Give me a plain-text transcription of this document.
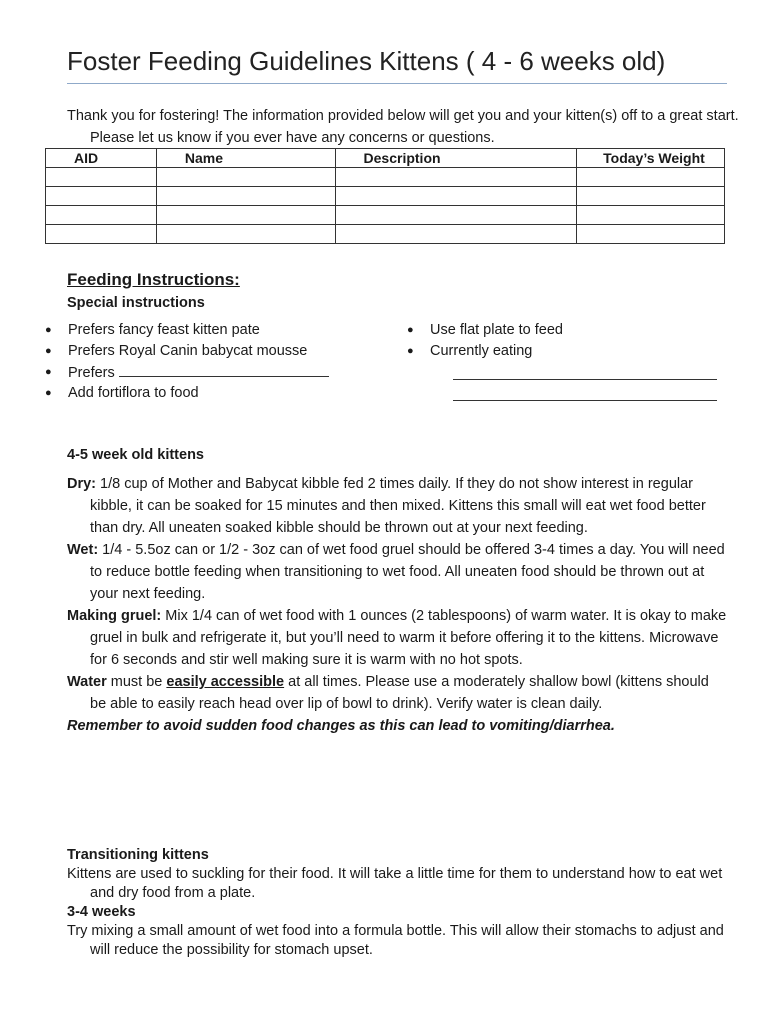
Foster Feeding Guidelines Kittens ( 4 - 6 weeks old)
Thank you for fostering! The information provided below will get you and your kitten(s) off to a great start. Please let us know if you ever have any concerns or questions.
AID	Name	Description	Today’s Weight

Feeding Instructions:
Special instructions
● Prefers fancy feast kitten pate
● Prefers Royal Canin babycat mousse
● Prefers
● Add fortiflora to food
● Use flat plate to feed
● Currently eating
4-5 week old kittens
Dry: 1/8 cup of Mother and Babycat kibble fed 2 times daily. If they do not show interest in regular kibble, it can be soaked for 15 minutes and then mixed. Kittens this small will eat wet food better than dry. All uneaten soaked kibble should be thrown out at your next feeding.
Wet: 1/4 - 5.5oz can or 1/2 - 3oz can of wet food gruel should be offered 3-4 times a day. You will need to reduce bottle feeding when transitioning to wet food. All uneaten food should be thrown out at your next feeding.
Making gruel: Mix 1/4 can of wet food with 1 ounces (2 tablespoons) of warm water. It is okay to make gruel in bulk and refrigerate it, but you’ll need to warm it before offering it to the kittens. Microwave for 6 seconds and stir well making sure it is warm with no hot spots.
Water must be easily accessible at all times. Please use a moderately shallow bowl (kittens should be able to easily reach head over lip of bowl to drink). Verify water is clean daily.
Remember to avoid sudden food changes as this can lead to vomiting/diarrhea.
Transitioning kittens
Kittens are used to suckling for their food. It will take a little time for them to understand how to eat wet and dry food from a plate.
3-4 weeks
Try mixing a small amount of wet food into a formula bottle. This will allow their stomachs to adjust and will reduce the possibility for stomach upset.
